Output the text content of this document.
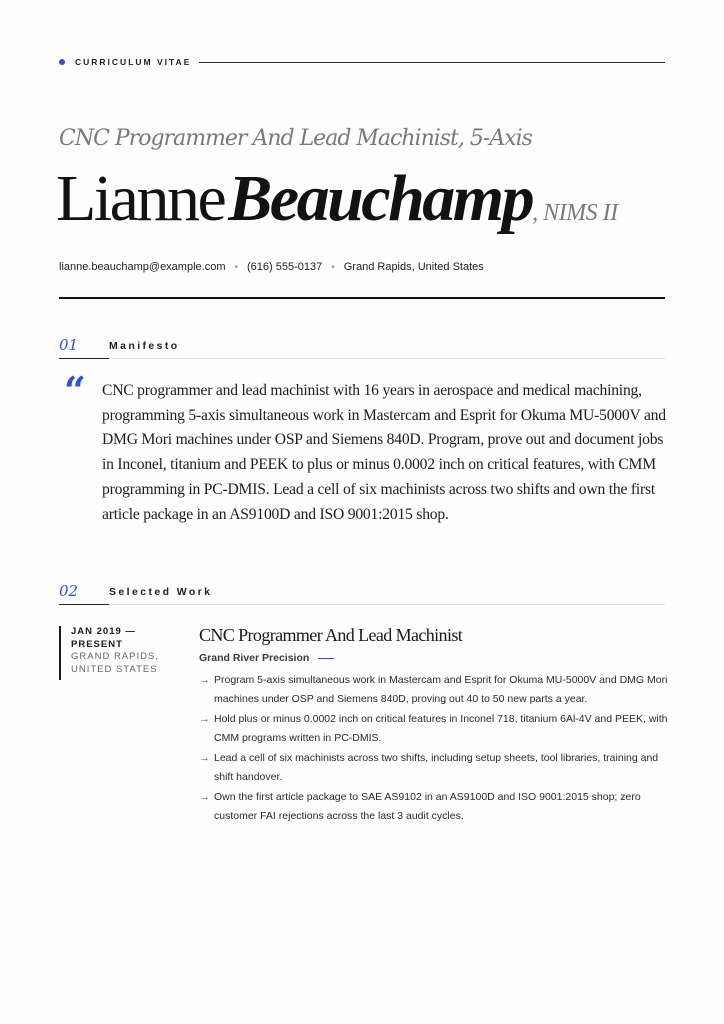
CURRICULUM VITAE
CNC Programmer And Lead Machinist, 5-Axis
Lianne Beauchamp, NIMS II
lianne.beauchamp@example.com • (616) 555-0137 • Grand Rapids, United States
01	Manifesto
“ CNC programmer and lead machinist with 16 years in aerospace and medical machining, programming 5-axis simultaneous work in Mastercam and Esprit for Okuma MU-5000V and DMG Mori machines under OSP and Siemens 840D. Program, prove out and document jobs in Inconel, titanium and PEEK to plus or minus 0.0002 inch on critical features, with CMM programming in PC-DMIS. Lead a cell of six machinists across two shifts and own the first article package in an AS9100D and ISO 9001:2015 shop.
02	Selected Work
JAN 2019 —
PRESENT
GRAND RAPIDS,
UNITED STATES
CNC Programmer And Lead Machinist
Grand River Precision
→ Program 5-axis simultaneous work in Mastercam and Esprit for Okuma MU-5000V and DMG Mori machines under OSP and Siemens 840D, proving out 40 to 50 new parts a year.
→ Hold plus or minus 0.0002 inch on critical features in Inconel 718, titanium 6Al-4V and PEEK, with CMM programs written in PC-DMIS.
→ Lead a cell of six machinists across two shifts, including setup sheets, tool libraries, training and shift handover.
→ Own the first article package to SAE AS9102 in an AS9100D and ISO 9001:2015 shop; zero customer FAI rejections across the last 3 audit cycles.
